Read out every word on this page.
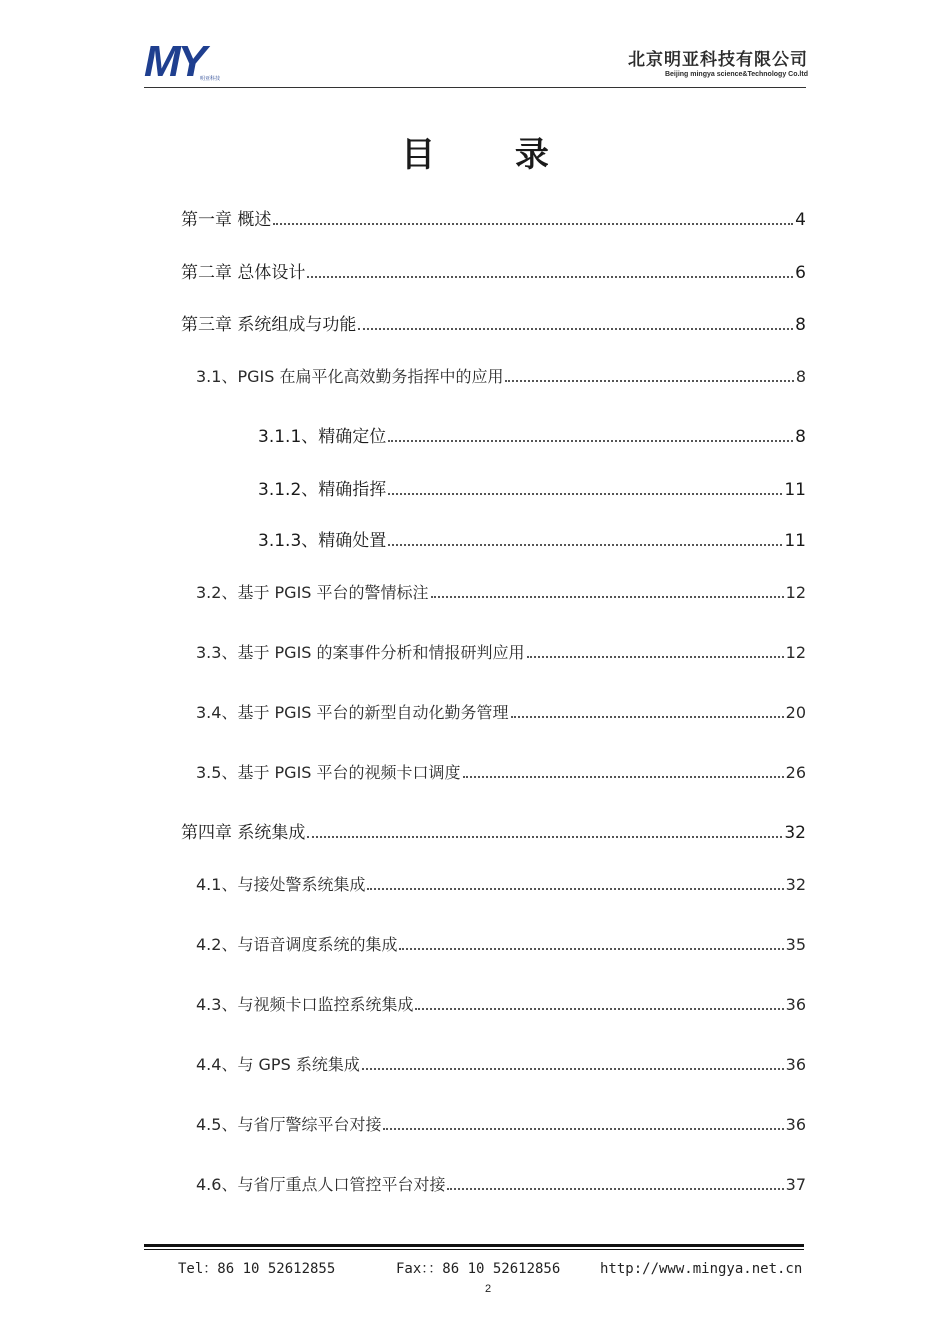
MY
明亚科技
北京明亚科技有限公司
Beijing mingya science&Technology Co.ltd
目 录
第一章 概述	4
第二章 总体设计	6
第三章 系统组成与功能	8
3.1、PGIS 在扁平化高效勤务指挥中的应用	8
3.1.1、精确定位	8
3.1.2、精确指挥	11
3.1.3、精确处置	11
3.2、基于 PGIS 平台的警情标注	12
3.3、基于 PGIS 的案事件分析和情报研判应用	12
3.4、基于 PGIS 平台的新型自动化勤务管理	20
3.5、基于 PGIS 平台的视频卡口调度	26
第四章 系统集成	32
4.1、与接处警系统集成	32
4.2、与语音调度系统的集成	35
4.3、与视频卡口监控系统集成	36
4.4、与 GPS 系统集成	36
4.5、与省厅警综平台对接	36
4.6、与省厅重点人口管控平台对接	37
Tel：86 10 52612855	Fax：：86 10 52612856	http://www.mingya.net.cn
2
